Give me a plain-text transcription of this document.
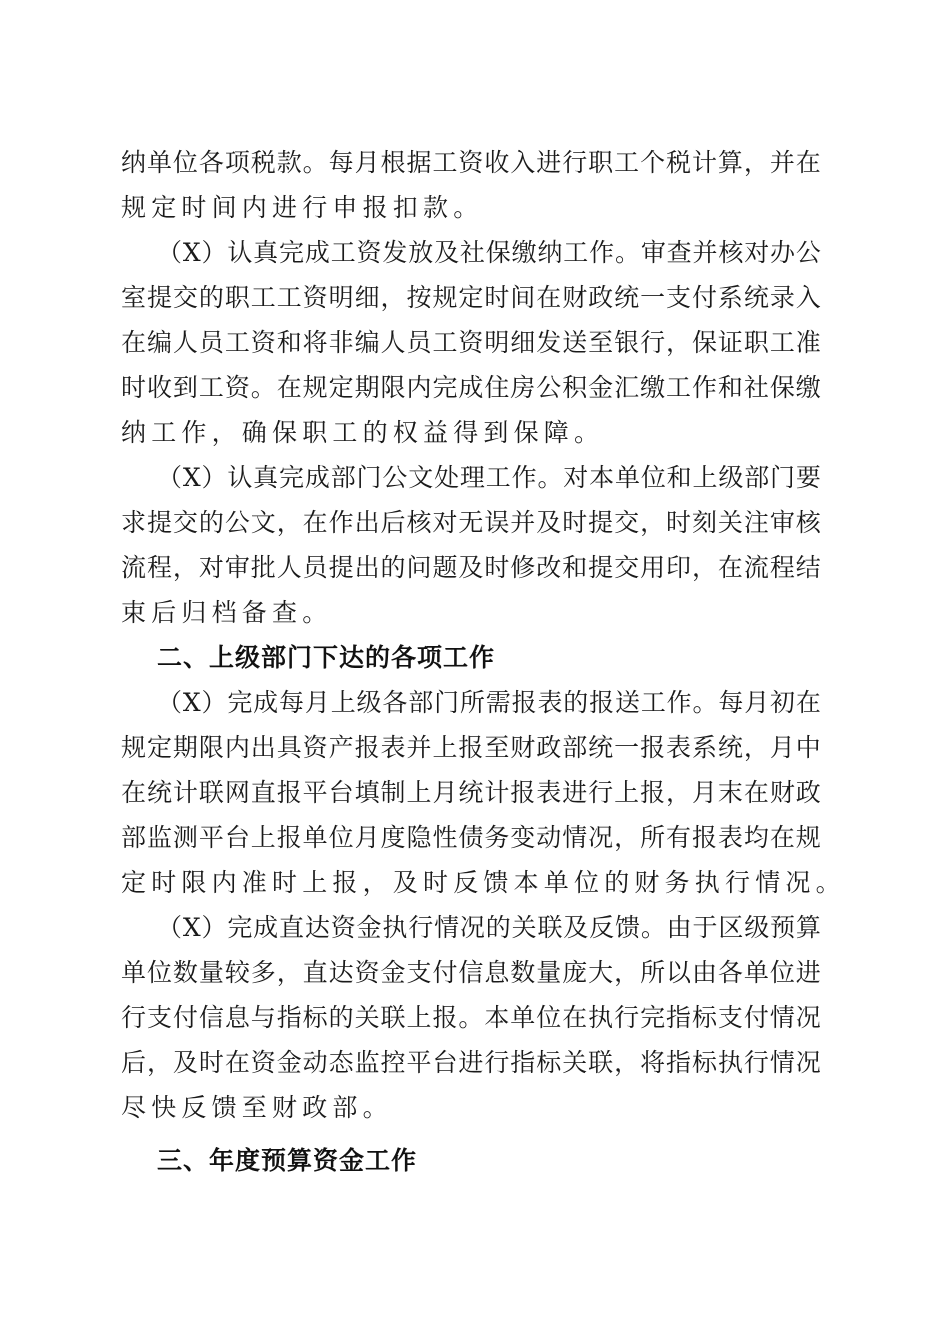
纳 单 位 各 项 税 款 。 每 月 根 据 工 资 收 入 进 行 职 工 个 税 计 算 ， 并 在
规定时间内进行申报扣款。
（ X ） 认 真 完 成 工 资 发 放 及 社 保 缴 纳 工 作 。 审 查 并 核 对 办 公
室 提 交 的 职 工 工 资 明 细 ， 按 规 定 时 间 在 财 政 统 一 支 付 系 统 录 入
在 编 人 员 工 资 和 将 非 编 人 员 工 资 明 细 发 送 至 银 行 ， 保 证 职 工 准
时 收 到 工 资 。 在 规 定 期 限 内 完 成 住 房 公 积 金 汇 缴 工 作 和 社 保 缴
纳工作，确保职工的权益得到保障。
（ X ） 认 真 完 成 部 门 公 文 处 理 工 作 。 对 本 单 位 和 上 级 部 门 要
求 提 交 的 公 文 ， 在 作 出 后 核 对 无 误 并 及 时 提 交 ， 时 刻 关 注 审 核
流 程 ， 对 审 批 人 员 提 出 的 问 题 及 时 修 改 和 提 交 用 印 ， 在 流 程 结
束后归档备查。
二、上级部门下达的各项工作
（ X ） 完 成 每 月 上 级 各 部 门 所 需 报 表 的 报 送 工 作 。 每 月 初 在
规 定 期 限 内 出 具 资 产 报 表 并 上 报 至 财 政 部 统 一 报 表 系 统 ， 月 中
在 统 计 联 网 直 报 平 台 填 制 上 月 统 计 报 表 进 行 上 报 ， 月 末 在 财 政
部 监 测 平 台 上 报 单 位 月 度 隐 性 债 务 变 动 情 况 ， 所 有 报 表 均 在 规
定时限内准时上报，及时反馈本单位的财务执行情况。
（ X ） 完 成 直 达 资 金 执 行 情 况 的 关 联 及 反 馈 。 由 于 区 级 预 算
单 位 数 量 较 多 ， 直 达 资 金 支 付 信 息 数 量 庞 大 ， 所 以 由 各 单 位 进
行 支 付 信 息 与 指 标 的 关 联 上 报 。 本 单 位 在 执 行 完 指 标 支 付 情 况
后 ， 及 时 在 资 金 动 态 监 控 平 台 进 行 指 标 关 联 ， 将 指 标 执 行 情 况
尽快反馈至财政部。
三、年度预算资金工作
